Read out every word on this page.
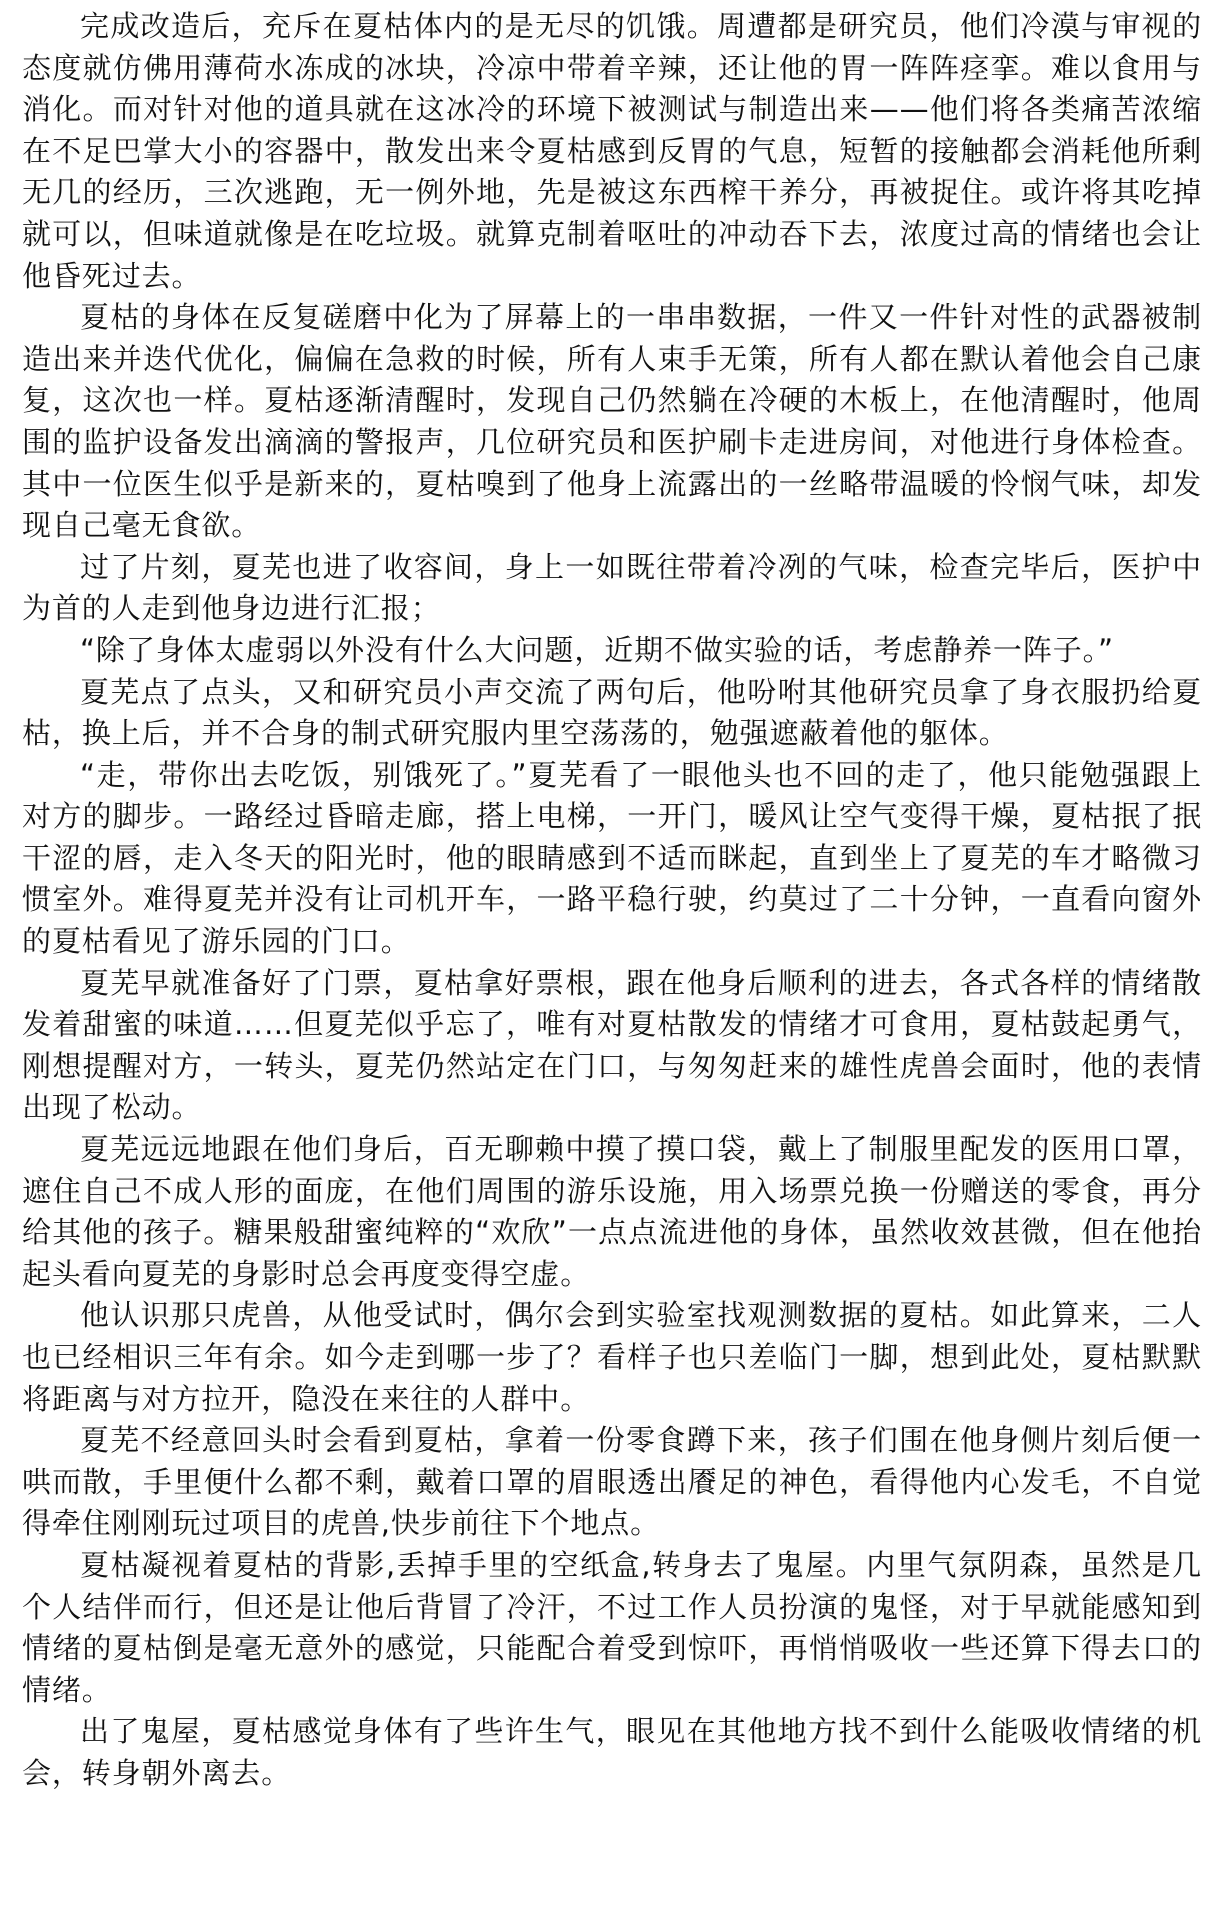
完成改造后，充斥在夏枯体内的是无尽的饥饿。周遭都是研究员，他们冷漠与审视的态度就仿佛用薄荷水冻成的冰块，冷凉中带着辛辣，还让他的胃一阵阵痉挛。难以食用与消化。而对针对他的道具就在这冰冷的环境下被测试与制造出来——他们将各类痛苦浓缩在不足巴掌大小的容器中，散发出来令夏枯感到反胃的气息，短暂的接触都会消耗他所剩无几的经历，三次逃跑，无一例外地，先是被这东西榨干养分，再被捉住。或许将其吃掉就可以，但味道就像是在吃垃圾。就算克制着呕吐的冲动吞下去，浓度过高的情绪也会让他昏死过去。

夏枯的身体在反复磋磨中化为了屏幕上的一串串数据，一件又一件针对性的武器被制造出来并迭代优化，偏偏在急救的时候，所有人束手无策，所有人都在默认着他会自己康复，这次也一样。夏枯逐渐清醒时，发现自己仍然躺在冷硬的木板上，在他清醒时，他周围的监护设备发出滴滴的警报声，几位研究员和医护刷卡走进房间，对他进行身体检查。其中一位医生似乎是新来的，夏枯嗅到了他身上流露出的一丝略带温暖的怜悯气味，却发现自己毫无食欲。

过了片刻，夏芜也进了收容间，身上一如既往带着冷冽的气味，检查完毕后，医护中为首的人走到他身边进行汇报；

“除了身体太虚弱以外没有什么大问题，近期不做实验的话，考虑静养一阵子。”

夏芜点了点头，又和研究员小声交流了两句后，他吩咐其他研究员拿了身衣服扔给夏枯，换上后，并不合身的制式研究服内里空荡荡的，勉强遮蔽着他的躯体。

“走，带你出去吃饭，别饿死了。”夏芜看了一眼他头也不回的走了，他只能勉强跟上对方的脚步。一路经过昏暗走廊，搭上电梯，一开门，暖风让空气变得干燥，夏枯抿了抿干涩的唇，走入冬天的阳光时，他的眼睛感到不适而眯起，直到坐上了夏芜的车才略微习惯室外。难得夏芜并没有让司机开车，一路平稳行驶，约莫过了二十分钟，一直看向窗外的夏枯看见了游乐园的门口。

夏芜早就准备好了门票，夏枯拿好票根，跟在他身后顺利的进去，各式各样的情绪散发着甜蜜的味道……但夏芜似乎忘了，唯有对夏枯散发的情绪才可食用，夏枯鼓起勇气，刚想提醒对方，一转头，夏芜仍然站定在门口，与匆匆赶来的雄性虎兽会面时，他的表情出现了松动。

夏芜远远地跟在他们身后，百无聊赖中摸了摸口袋，戴上了制服里配发的医用口罩，遮住自己不成人形的面庞，在他们周围的游乐设施，用入场票兑换一份赠送的零食，再分给其他的孩子。糖果般甜蜜纯粹的“欢欣”一点点流进他的身体，虽然收效甚微，但在他抬起头看向夏芜的身影时总会再度变得空虚。

他认识那只虎兽，从他受试时，偶尔会到实验室找观测数据的夏枯。如此算来，二人也已经相识三年有余。如今走到哪一步了？看样子也只差临门一脚，想到此处，夏枯默默将距离与对方拉开，隐没在来往的人群中。

夏芜不经意回头时会看到夏枯，拿着一份零食蹲下来，孩子们围在他身侧片刻后便一哄而散，手里便什么都不剩，戴着口罩的眉眼透出餍足的神色，看得他内心发毛，不自觉得牵住刚刚玩过项目的虎兽,快步前往下个地点。

夏枯凝视着夏枯的背影,丢掉手里的空纸盒,转身去了鬼屋。内里气氛阴森，虽然是几个人结伴而行，但还是让他后背冒了冷汗，不过工作人员扮演的鬼怪，对于早就能感知到情绪的夏枯倒是毫无意外的感觉，只能配合着受到惊吓，再悄悄吸收一些还算下得去口的情绪。

出了鬼屋，夏枯感觉身体有了些许生气，眼见在其他地方找不到什么能吸收情绪的机会，转身朝外离去。
